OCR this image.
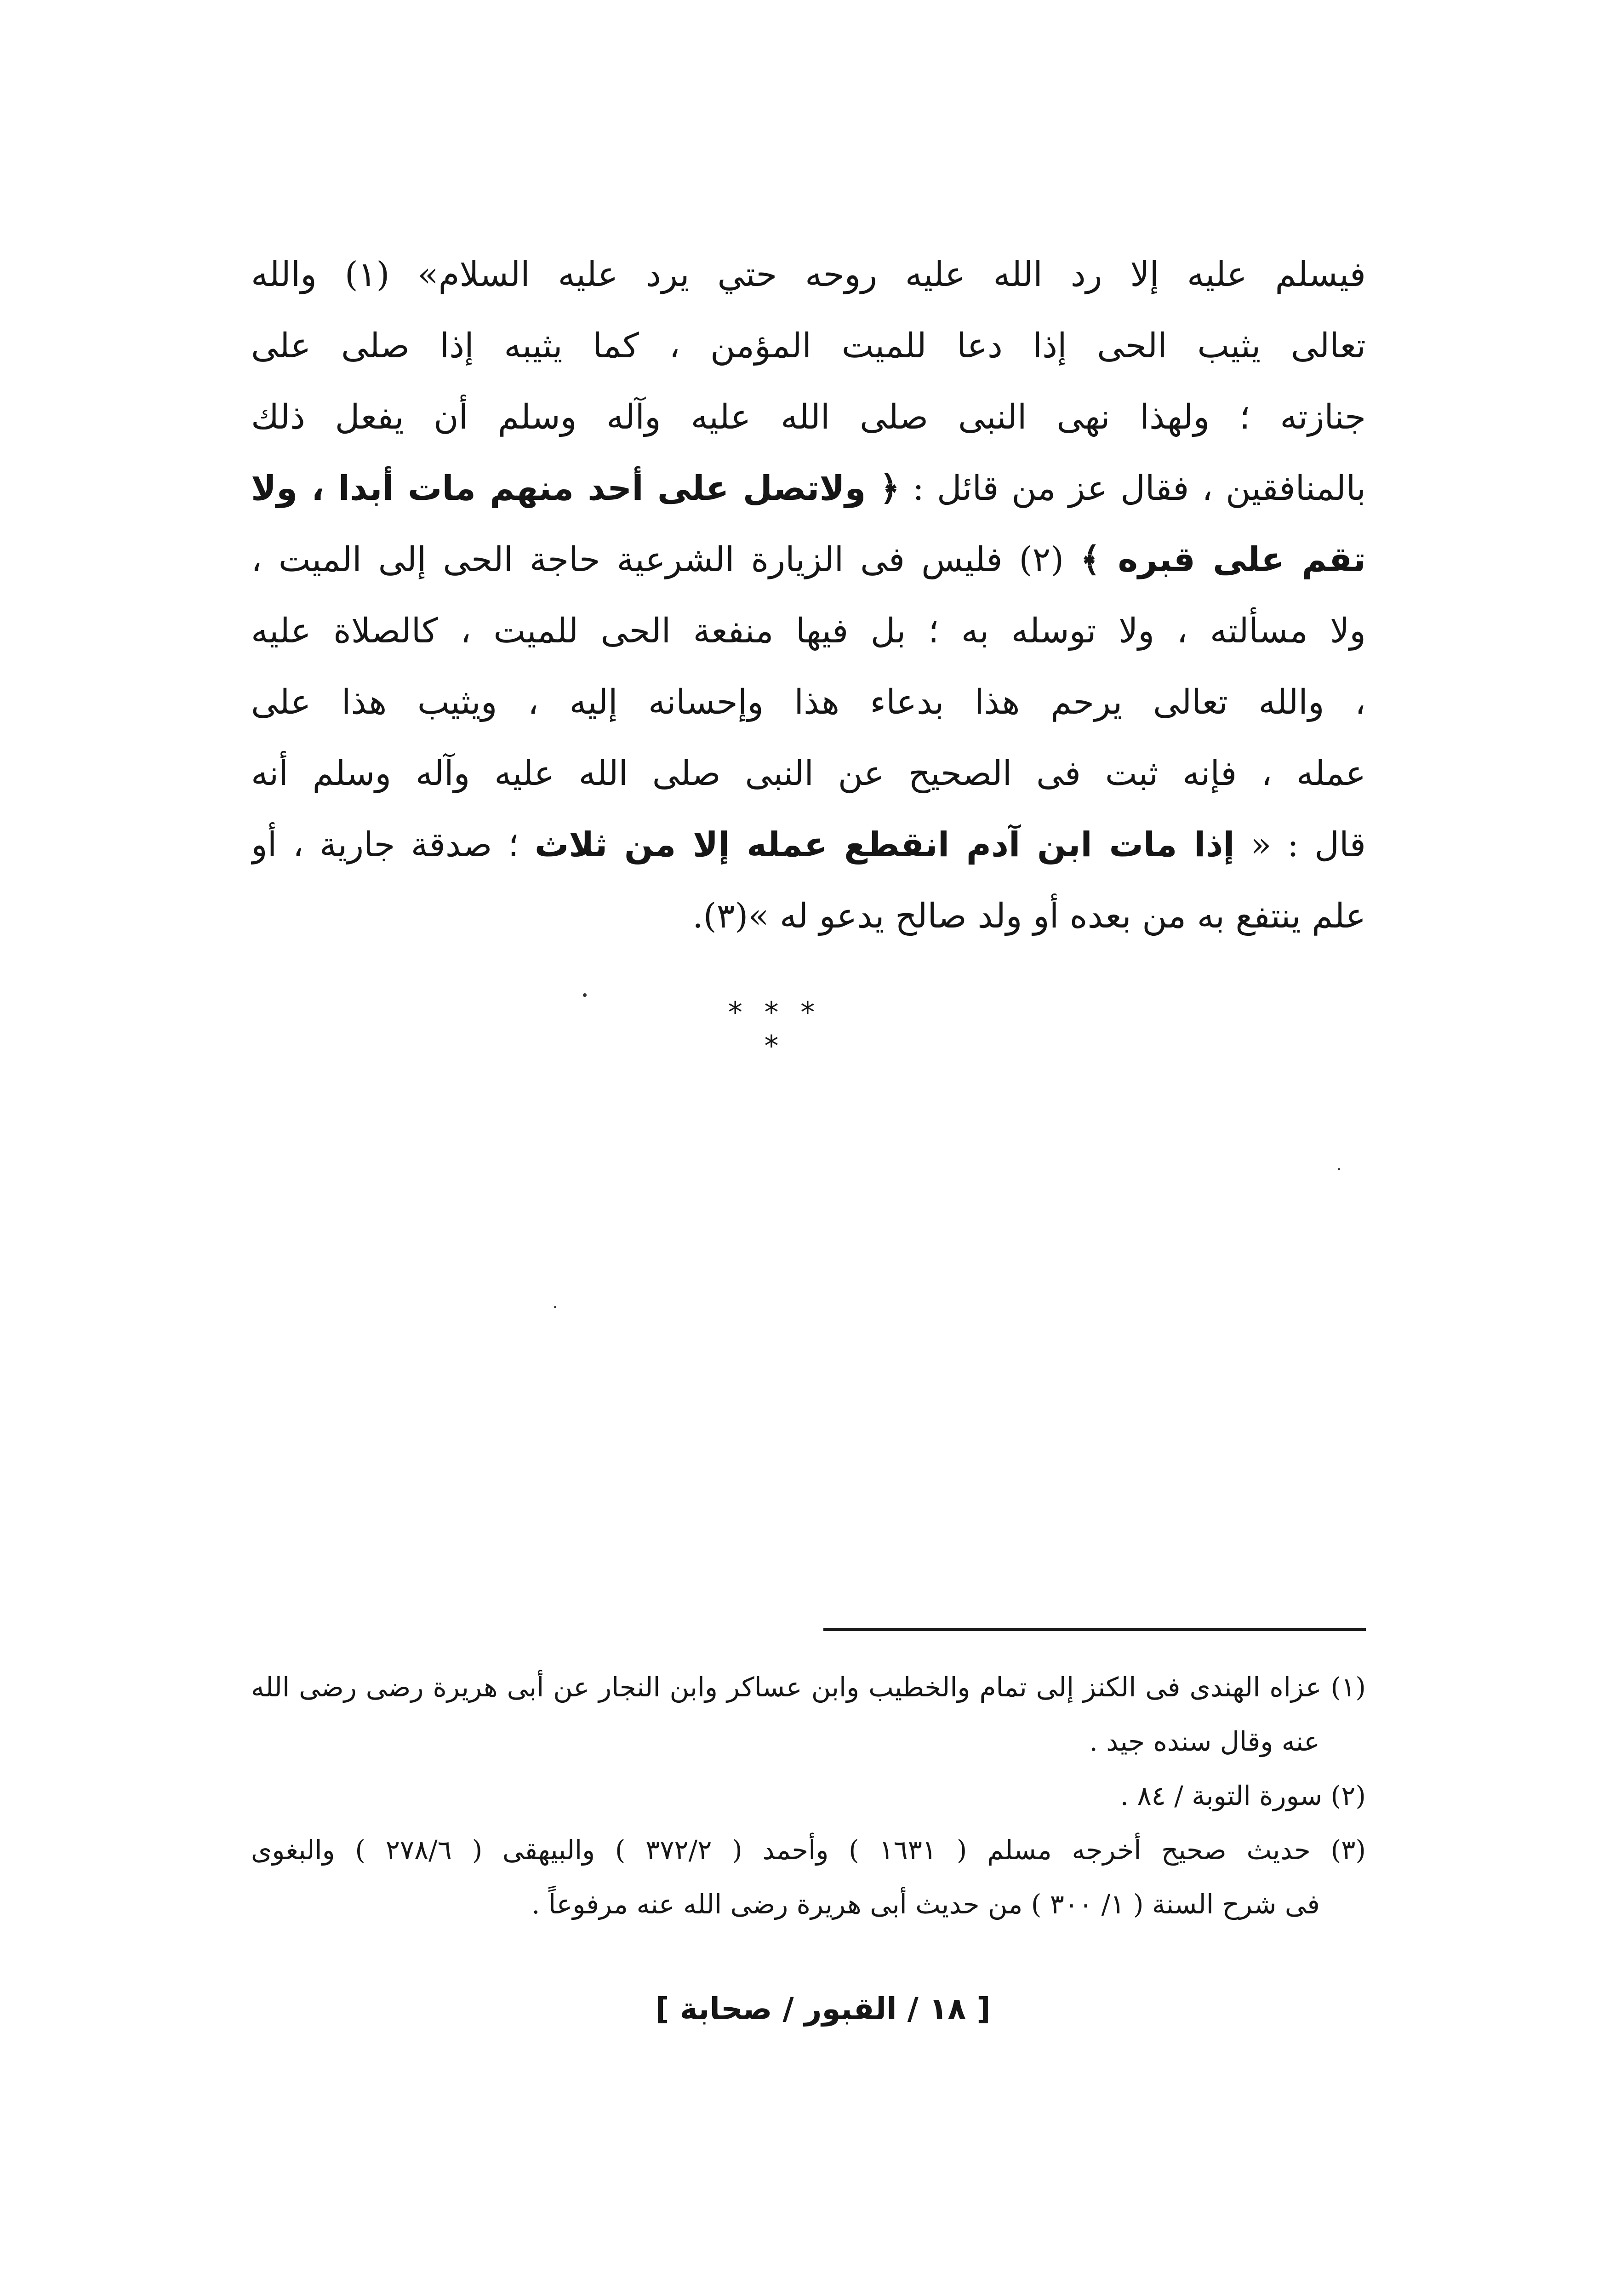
فيسلم عليه إلا رد الله عليه روحه حتي يرد عليه السلام» (١) والله
تعالى يثيب الحى إذا دعا للميت المؤمن ، كما يثيبه إذا صلى على
جنازته ؛ ولهذا نهى النبى صلى الله عليه وآله وسلم أن يفعل ذلك
بالمنافقين ، فقال عز من قائل : ﴿ ولاتصل على أحد منهم مات أبدا ، ولا
تقم على قبره ﴾ (٢) فليس فى الزيارة الشرعية حاجة الحى إلى الميت ،
ولا مسألته ، ولا توسله به ؛ بل فيها منفعة الحى للميت ، كالصلاة عليه
، والله تعالى يرحم هذا بدعاء هذا وإحسانه إليه ، ويثيب هذا على
عمله ، فإنه ثبت فى الصحيح عن النبى صلى الله عليه وآله وسلم أنه
قال : « إذا مات ابن آدم انقطع عمله إلا من ثلاث ؛ صدقة جارية ، أو
علم ينتفع به من بعده أو ولد صالح يدعو له »(٣).
* * * *
(١) عزاه الهندى فى الكنز إلى تمام والخطيب وابن عساكر وابن النجار عن أبى هريرة رضى رضى الله
عنه وقال سنده جيد .
(٢) سورة التوبة / ٨٤ .
(٣) حديث صحيح أخرجه مسلم ( ١٦٣١ ) وأحمد ( ٣٧٢/٢ ) والبيهقى ( ٢٧٨/٦ ) والبغوى
فى شرح السنة ( ١/ ٣٠٠ ) من حديث أبى هريرة رضى الله عنه مرفوعاً .
[ ١٨ / القبور / صحابة ]
